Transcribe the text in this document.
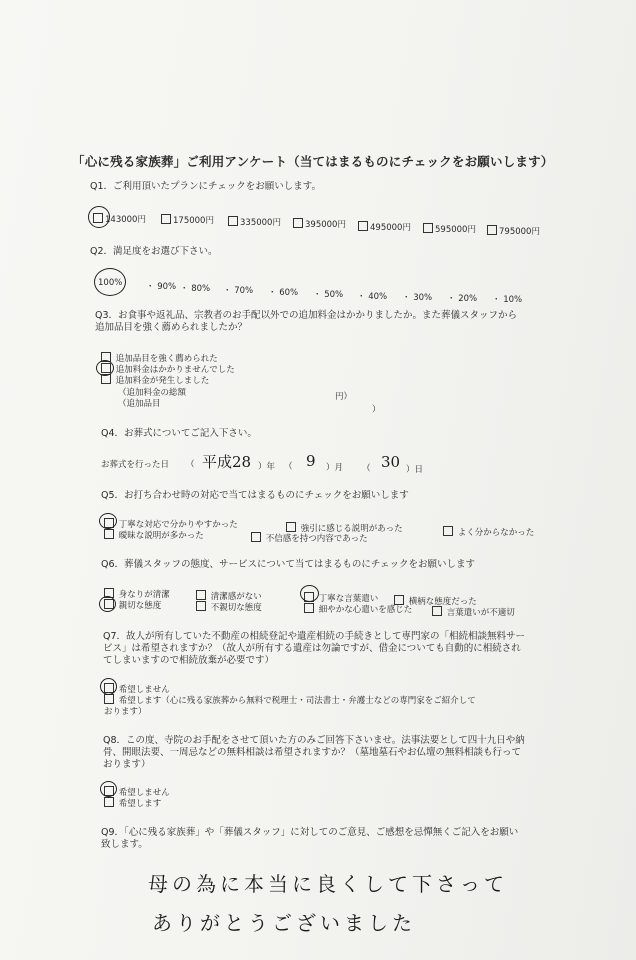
「心に残る家族葬」ご利用アンケート（当てはまるものにチェックをお願いします）
Q1．ご利用頂いたプランにチェックをお願いします。
143000円	175000円	335000円	395000円	495000円	595000円	795000円
Q2．満足度をお選び下さい。
100%	・ 90% ・ 80% ・ 70% ・ 60% ・ 50% ・ 40% ・ 30% ・ 20% ・ 10%
Q3．お食事や返礼品、宗教者のお手配以外での追加料金はかかりましたか。また葬儀スタッフから
追加品目を強く薦められましたか？
追加品目を強く薦められた
追加料金はかかりませんでした
追加料金が発生しました
（追加料金の総額	円）
（追加品目
）
Q4．お葬式についてご記入下さい。
お葬式を行った日 （ 平成28 ）年 （ 9 ）月 （ 30 ）日
Q5．お打ち合わせ時の対応で当てはまるものにチェックをお願いします
丁寧な対応で分かりやすかった	強引に感じる説明があった	よく分からなかった
曖昧な説明が多かった	不信感を持つ内容であった
Q6．葬儀スタッフの態度、サービスについて当てはまるものにチェックをお願いします
身なりが清潔	清潔感がない	丁寧な言葉遣い	横柄な態度だった
親切な態度	不親切な態度	細やかな心遣いを感じた	言葉遣いが不適切
Q7．故人が所有していた不動産の相続登記や遺産相続の手続きとして専門家の「相続相談無料サー
ビス」は希望されますか？（故人が所有する遺産は勿論ですが、借金についても自動的に相続され
てしまいますので相続放棄が必要です）
希望しません
希望します（心に残る家族葬から無料で税理士・司法書士・弁護士などの専門家をご紹介して
おります）
Q8．この度、寺院のお手配をさせて頂いた方のみご回答下さいませ。法事法要として四十九日や納
骨、開眼法要、一周忌などの無料相談は希望されますか？（墓地墓石やお仏壇の無料相談も行って
おります）
希望しません
希望します
Q9．「心に残る家族葬」や「葬儀スタッフ」に対してのご意見、ご感想を忌憚無くご記入をお願い
致します。
母の為に本当に良くして下さって
ありがとうございました
